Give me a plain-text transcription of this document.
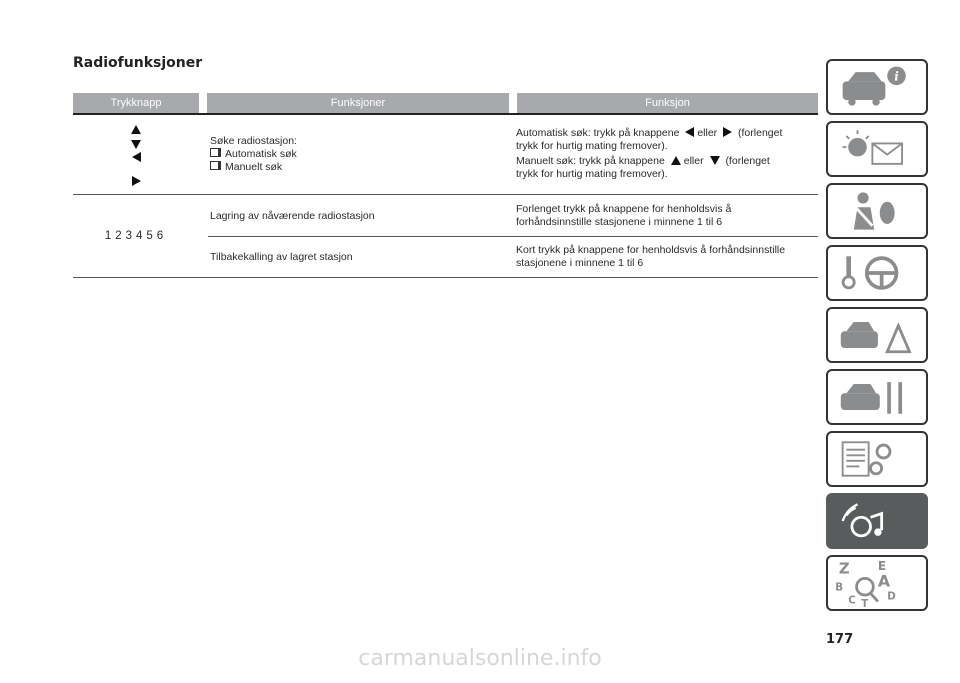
Radiofunksjoner
Trykknapp	Funksjoner	Funksjon
Søke radiostasjon:
Automatisk søk
Manuelt søk
Automatisk søk: trykk på knappene eller (forlenget
trykk for hurtig mating fremover).
Manuelt søk: trykk på knappene eller (forlenget
trykk for hurtig mating fremover).
123456
Lagring av nåværende radiostasjon
Forlenget trykk på knappene for henholdsvis å
forhåndsinnstille stasjonene i minnene 1 til 6
Tilbakekalling av lagret stasjon
Kort trykk på knappene for henholdsvis å forhåndsinnstille
stasjonene i minnene 1 til 6
i
Z E
B A
C T
D
177
carmanualsonline.info
